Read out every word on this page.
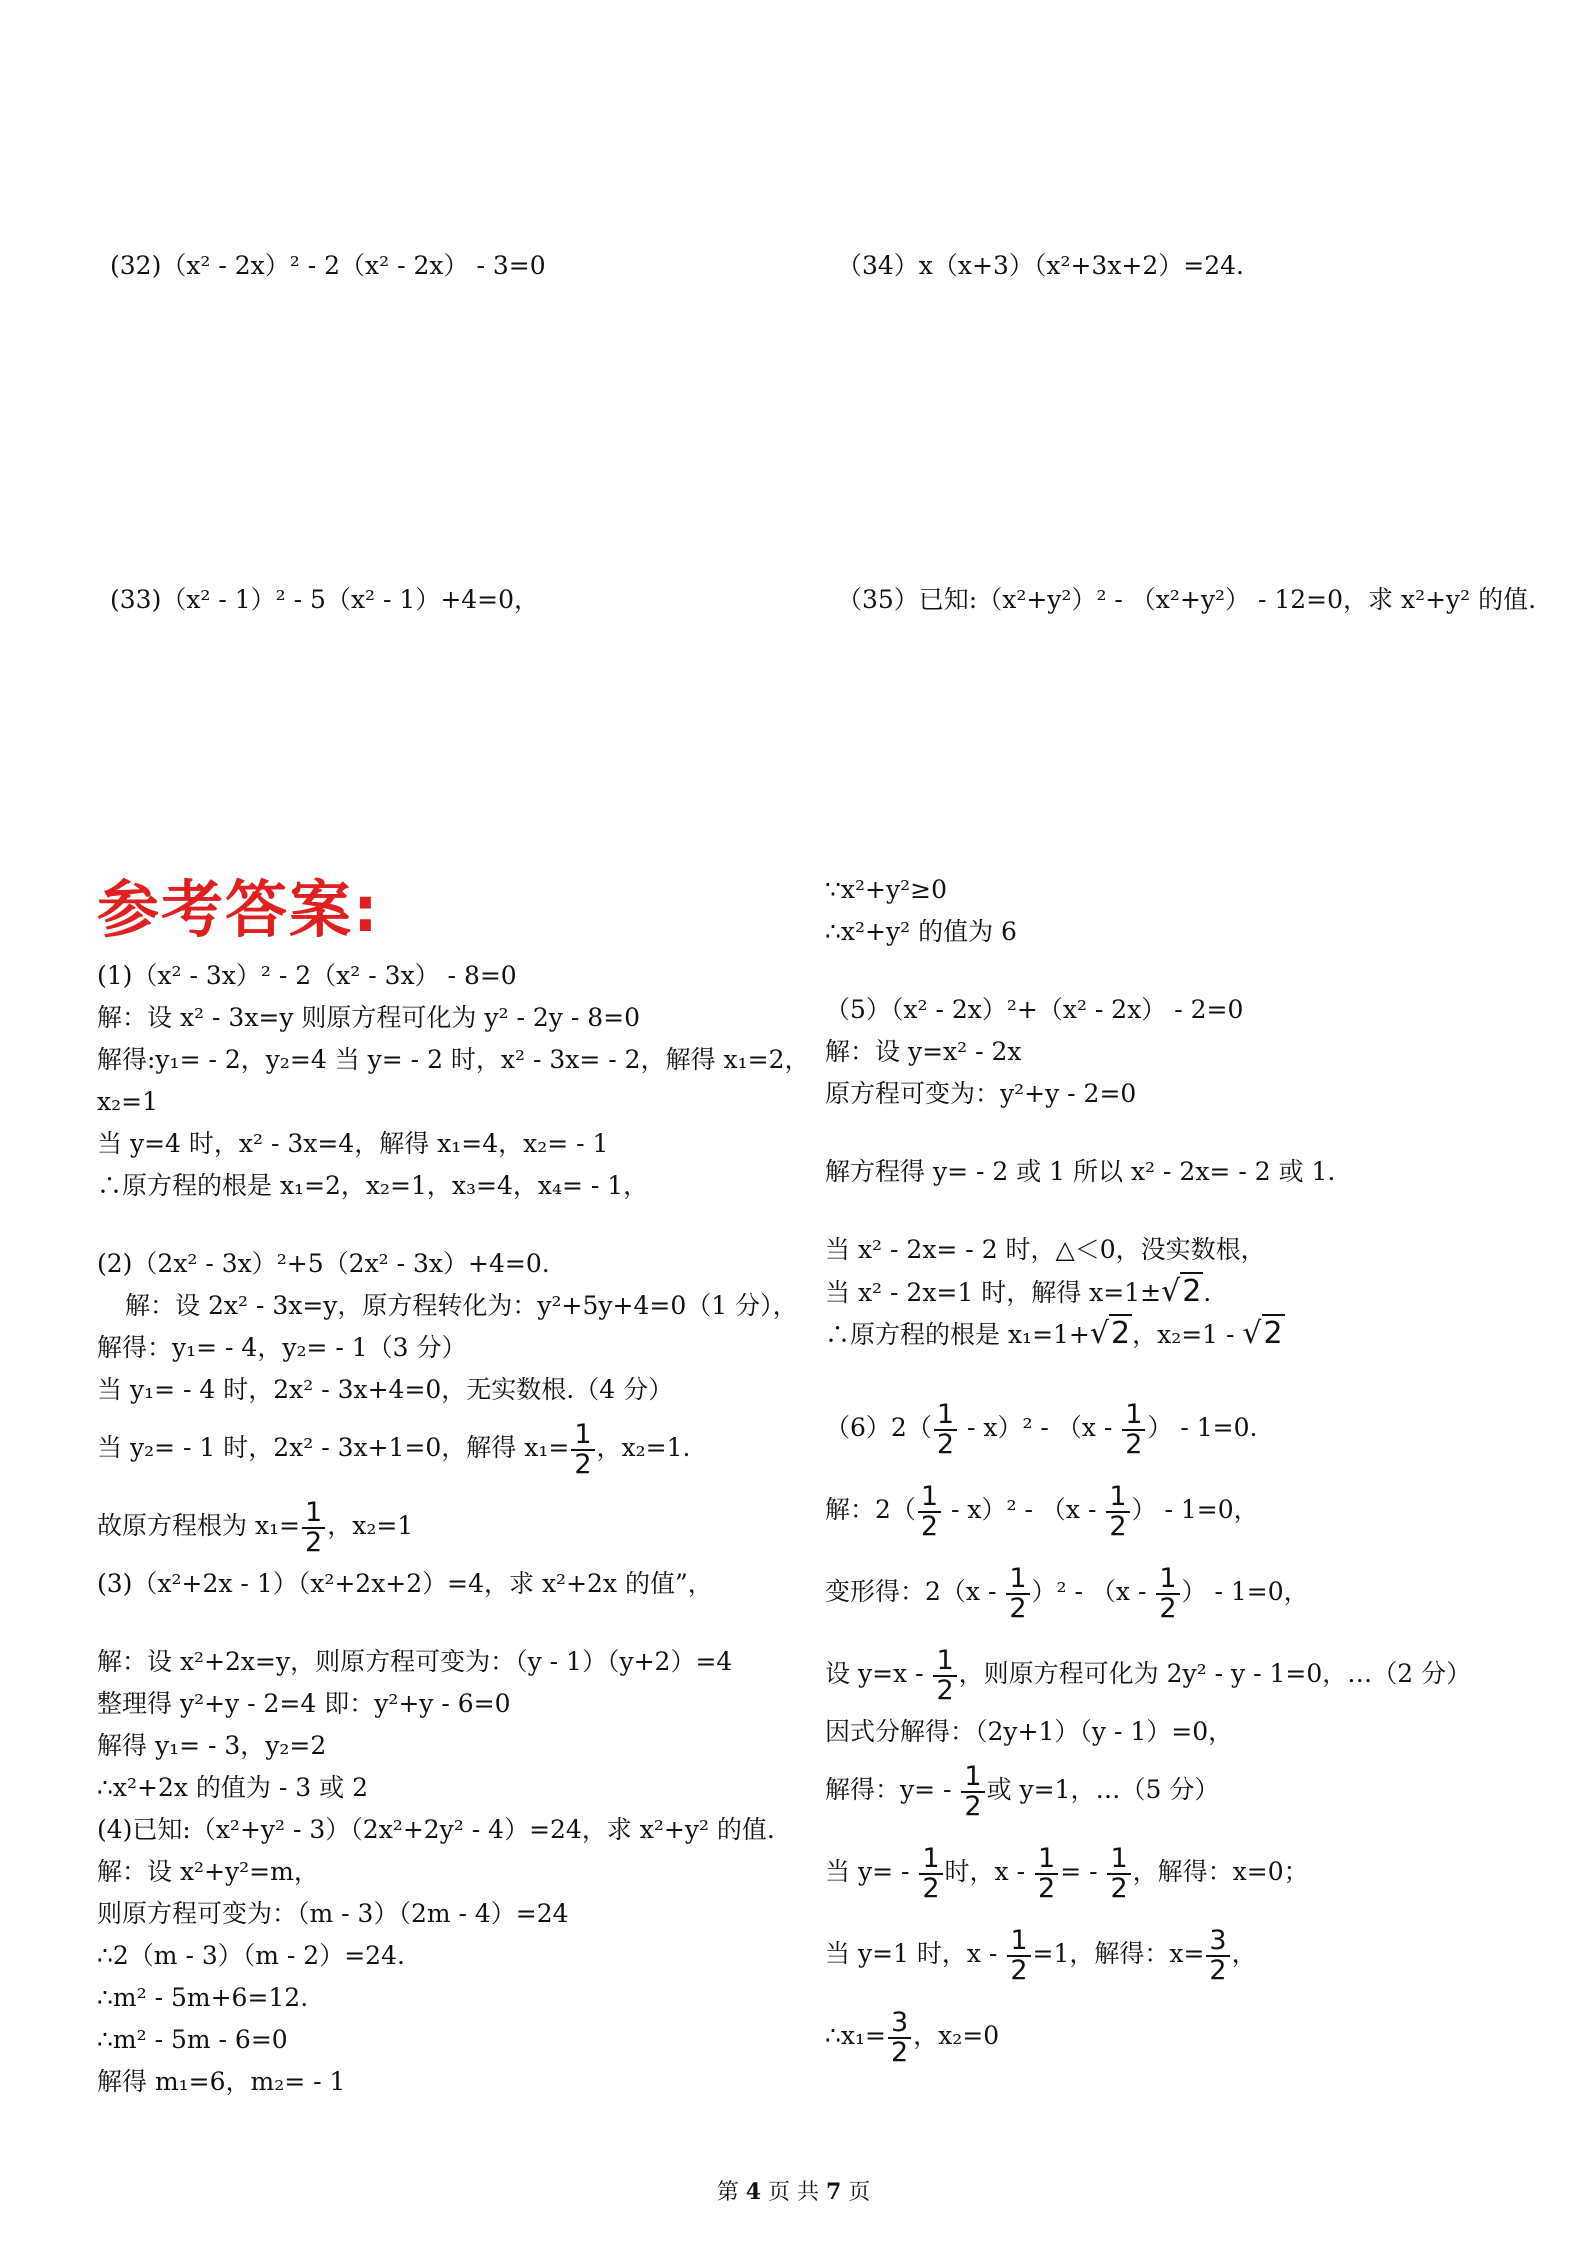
(32)（x² - 2x）² - 2（x² - 2x） - 3=0	（34）x（x+3）（x²+3x+2）=24.
(33)（x² - 1）² - 5（x² - 1）+4=0，	（35）已知:（x²+y²）² - （x²+y²） - 12=0，求 x²+y² 的值.
参考答案:
(1)（x² - 3x）² - 2（x² - 3x） - 8=0
解：设 x² - 3x=y 则原方程可化为 y² - 2y - 8=0
解得:y₁= - 2，y₂=4 当 y= - 2 时，x² - 3x= - 2，解得 x₁=2，
x₂=1
当 y=4 时，x² - 3x=4，解得 x₁=4，x₂= - 1
∴原方程的根是 x₁=2，x₂=1，x₃=4，x₄= - 1，
(2)（2x² - 3x）²+5（2x² - 3x）+4=0.
解：设 2x² - 3x=y，原方程转化为：y²+5y+4=0（1 分），
解得：y₁= - 4，y₂= - 1（3 分）
当 y₁= - 4 时，2x² - 3x+4=0，无实数根.（4 分）
当 y₂= - 1 时，2x² - 3x+1=0，解得 $x_1= \frac{1}{2}$ ，x₂=1.
故原方程根为 $x_1= \frac{1}{2}$ ，x₂=1
(3)（x²+2x - 1）（x²+2x+2）=4，求 x²+2x 的值”，
解：设 x²+2x=y，则原方程可变为：（y - 1）（y+2）=4
整理得 y²+y - 2=4 即：y²+y - 6=0
解得 y₁= - 3，y₂=2
∴x²+2x 的值为 - 3 或 2
(4)已知:（x²+y² - 3）（2x²+2y² - 4）=24，求 x²+y² 的值.
解：设 x²+y²=m，
则原方程可变为：（m - 3）（2m - 4）=24
∴2（m - 3）（m - 2）=24.
∴m² - 5m+6=12.
∴m² - 5m - 6=0
解得 m₁=6，m₂= - 1
∵x²+y²≥0
∴x²+y² 的值为 6
（5）（x² - 2x）²+（x² - 2x） - 2=0
解：设 y=x² - 2x
原方程可变为：y²+y - 2=0
解方程得 y= - 2 或 1 所以 x² - 2x= - 2 或 1.
当 x² - 2x= - 2 时，△＜0，没实数根，
当 x² - 2x=1 时，解得 x=1±√2.
∴原方程的根是 x₁=1+√2，x₂=1 - √2
$(6)2( \frac{1}{2} - x)^2 - (x - \frac{1}{2}$ ） - 1=0.
解：$2( \frac{1}{2} - x)^2 - (x - \frac{1}{2}$ ） - 1=0，
变形得：$2(x - \frac{1}{2} )^2 - (x - \frac{1}{2}$ ） - 1=0，
设 $y=x - \frac{1}{2}$ ，则原方程可化为 2y² - y - 1=0，…（2 分）
因式分解得：（2y+1）（y - 1）=0，
解得：$y= - \frac{1}{2}$ 或 y=1，…（5 分）
当 $y= - \frac{1}{2}$ 时，x - $\frac{1}{2}$ = - $\frac{1}{2}$ ，解得：x=0；
当 y=1 时，$x - \frac{1}{2} =1$，解得：$x= \frac{3}{2}$ ，
∴x₁= $\frac{3}{2}$ ，x₂=0
第 4 页 共 7 页
